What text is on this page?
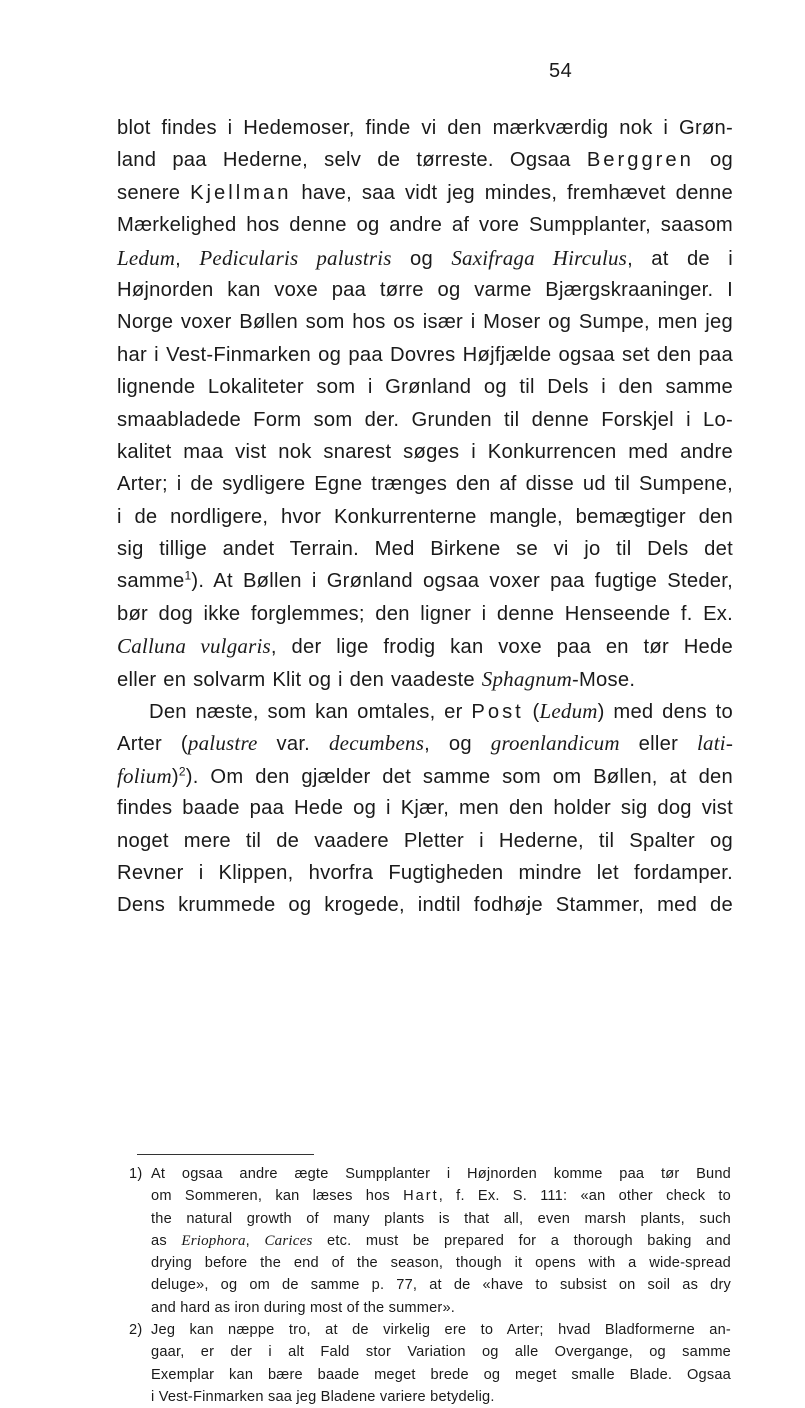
54
blot findes i Hedemoser, finde vi den mærkværdig nok i Grøn-
land paa Hederne, selv de tørreste. Ogsaa Berggren og
senere Kjellman have, saa vidt jeg mindes, fremhævet denne
Mærkelighed hos denne og andre af vore Sumpplanter, saasom
Ledum, Pedicularis palustris og Saxifraga Hirculus, at de i
Højnorden kan voxe paa tørre og varme Bjærgskraaninger. I
Norge voxer Bøllen som hos os især i Moser og Sumpe, men jeg
har i Vest-Finmarken og paa Dovres Højfjælde ogsaa set den paa
lignende Lokaliteter som i Grønland og til Dels i den samme
smaabladede Form som der. Grunden til denne Forskjel i Lo-
kalitet maa vist nok snarest søges i Konkurrencen med andre
Arter; i de sydligere Egne trænges den af disse ud til Sumpene,
i de nordligere, hvor Konkurrenterne mangle, bemægtiger den
sig tillige andet Terrain. Med Birkene se vi jo til Dels det
samme$^1$). At Bøllen i Grønland ogsaa voxer paa fugtige Steder,
bør dog ikke forglemmes; den ligner i denne Henseende f. Ex.
Calluna vulgaris, der lige frodig kan voxe paa en tør Hede
eller en solvarm Klit og i den vaadeste Sphagnum-Mose.
Den næste, som kan omtales, er Post (Ledum) med dens to
Arter (palustre var. decumbens, og groenlandicum eller lati-
folium)$^2$). Om den gjælder det samme som om Bøllen, at den
findes baade paa Hede og i Kjær, men den holder sig dog vist
noget mere til de vaadere Pletter i Hederne, til Spalter og
Revner i Klippen, hvorfra Fugtigheden mindre let fordamper.
Dens krummede og krogede, indtil fodhøje Stammer, med de
1) At ogsaa andre ægte Sumpplanter i Højnorden komme paa tør Bund
om Sommeren, kan læses hos Hart, f. Ex. S. 111: «an other check to
the natural growth of many plants is that all, even marsh plants, such
as Eriophora, Carices etc. must be prepared for a thorough baking and
drying before the end of the season, though it opens with a wide-spread
deluge», og om de samme p. 77, at de «have to subsist on soil as dry
and hard as iron during most of the summer».
2) Jeg kan næppe tro, at de virkelig ere to Arter; hvad Bladformerne an-
gaar, er der i alt Fald stor Variation og alle Overgange, og samme
Exemplar kan bære baade meget brede og meget smalle Blade. Ogsaa
i Vest-Finmarken saa jeg Bladene variere betydelig.
